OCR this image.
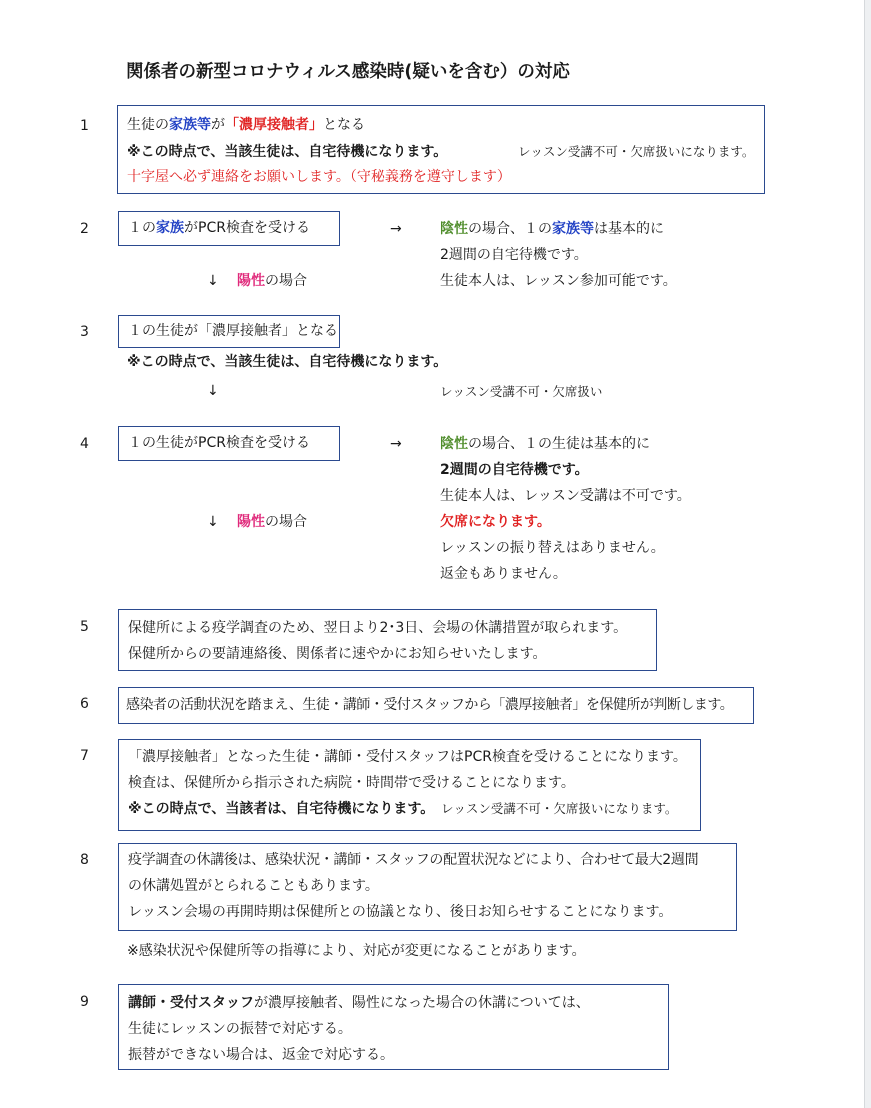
関係者の新型コロナウィルス感染時(疑いを含む）の対応
1	生徒の家族等が「濃厚接触者」となる
※この時点で、当該生徒は、自宅待機になります。	レッスン受講不可・欠席扱いになります。
十字屋へ必ず連絡をお願いします。（守秘義務を遵守します）
2	１の家族がPCR検査を受ける	→	陰性の場合、１の家族等は基本的に
2週間の自宅待機です。
生徒本人は、レッスン参加可能です。
↓ 陽性の場合
3	１の生徒が「濃厚接触者」となる
※この時点で、当該生徒は、自宅待機になります。
↓	レッスン受講不可・欠席扱い
4	１の生徒がPCR検査を受ける	→	陰性の場合、１の生徒は基本的に
2週間の自宅待機です。
生徒本人は、レッスン受講は不可です。
欠席になります。
レッスンの振り替えはありません。
返金もありません。
↓ 陽性の場合
5	保健所による疫学調査のため、翌日より2･3日、会場の休講措置が取られます。
保健所からの要請連絡後、関係者に速やかにお知らせいたします。
6	感染者の活動状況を踏まえ、生徒・講師・受付スタッフから「濃厚接触者」を保健所が判断します。
7	「濃厚接触者」となった生徒・講師・受付スタッフはPCR検査を受けることになります。
検査は、保健所から指示された病院・時間帯で受けることになります。
※この時点で、当該者は、自宅待機になります。 レッスン受講不可・欠席扱いになります。
8	疫学調査の休講後は、感染状況・講師・スタッフの配置状況などにより、合わせて最大2週間
の休講処置がとられることもあります。
レッスン会場の再開時期は保健所との協議となり、後日お知らせすることになります。
※感染状況や保健所等の指導により、対応が変更になることがあります。
9	講師・受付スタッフが濃厚接触者、陽性になった場合の休講については、
生徒にレッスンの振替で対応する。
振替ができない場合は、返金で対応する。
